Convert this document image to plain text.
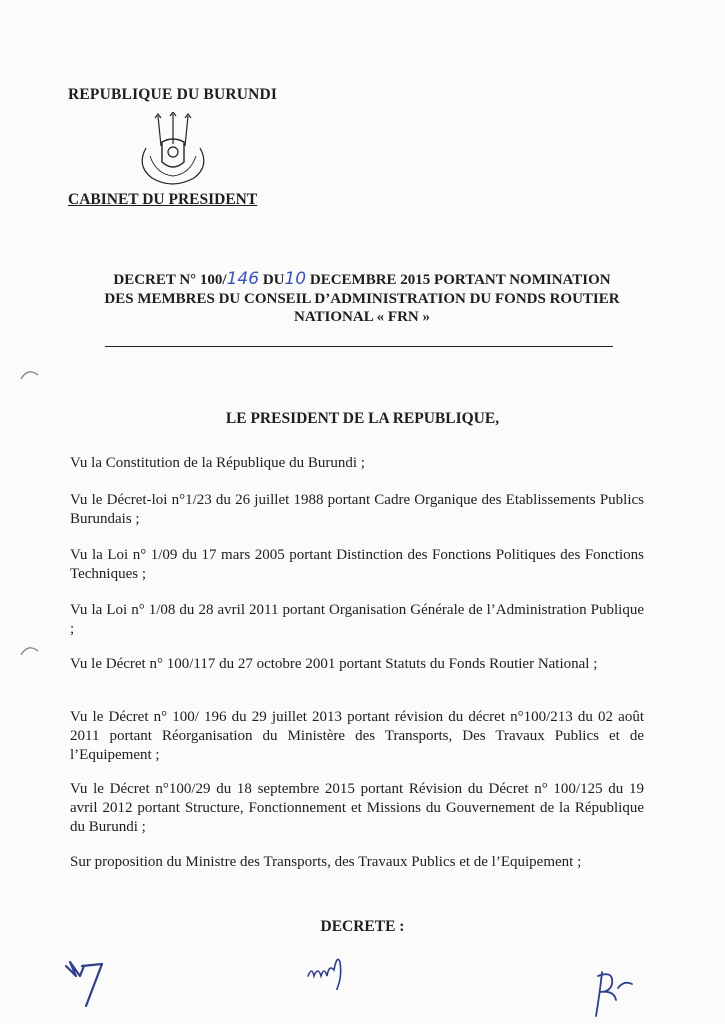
REPUBLIQUE DU BURUNDI
CABINET DU PRESIDENT
DECRET N° 100/146 DU10 DECEMBRE 2015 PORTANT NOMINATION
DES MEMBRES DU CONSEIL D’ADMINISTRATION DU FONDS ROUTIER
NATIONAL « FRN »
LE PRESIDENT DE LA REPUBLIQUE,

Vu la Constitution de la République du Burundi ;

Vu le Décret-loi n°1/23 du 26 juillet 1988 portant Cadre Organique des Etablissements Publics Burundais ;

Vu la Loi n° 1/09 du 17 mars 2005 portant Distinction des Fonctions Politiques des Fonctions Techniques ;

Vu la Loi n° 1/08 du 28 avril 2011 portant Organisation Générale de l’Administration Publique ;

Vu le Décret n° 100/117 du 27 octobre 2001 portant Statuts du Fonds Routier National ;

Vu le Décret n° 100/ 196 du 29 juillet 2013 portant révision du décret n°100/213 du 02 août 2011 portant Réorganisation du Ministère des Transports, Des Travaux Publics et de l’Equipement ;

Vu le Décret n°100/29 du 18 septembre 2015 portant Révision du Décret n° 100/125 du 19 avril 2012 portant Structure, Fonctionnement et Missions du Gouvernement de la République du Burundi ;

Sur proposition du Ministre des Transports, des Travaux Publics et de l’Equipement ;

DECRETE :
